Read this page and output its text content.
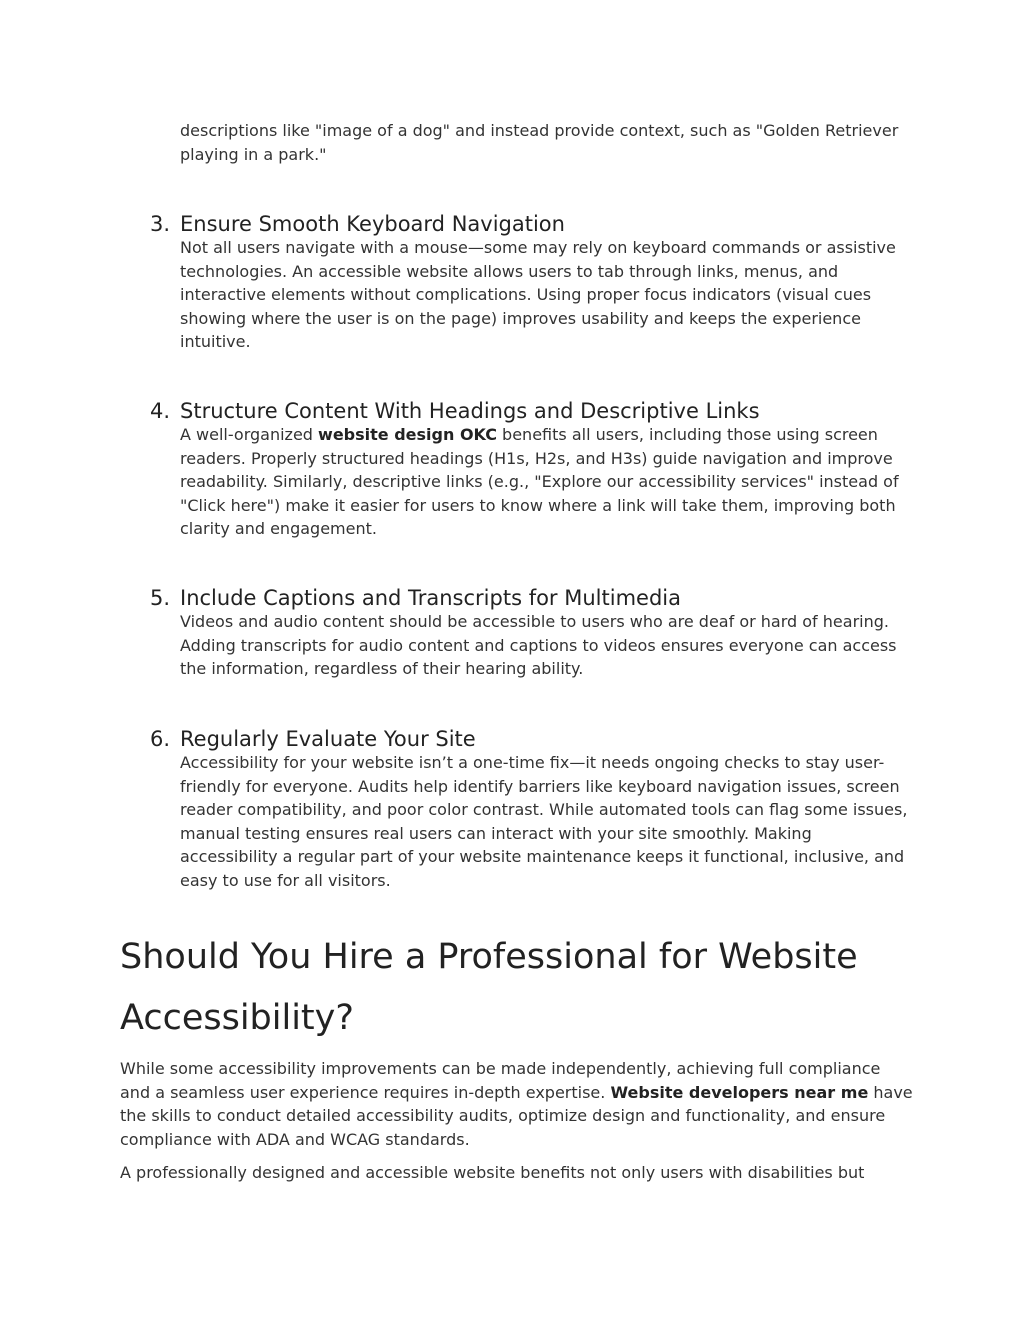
descriptions like "image of a dog" and instead provide context, such as "Golden Retriever playing in a park."

3. Ensure Smooth Keyboard Navigation

Not all users navigate with a mouse—some may rely on keyboard commands or assistive technologies. An accessible website allows users to tab through links, menus, and interactive elements without complications. Using proper focus indicators (visual cues showing where the user is on the page) improves usability and keeps the experience intuitive.

4. Structure Content With Headings and Descriptive Links

A well-organized website design OKC benefits all users, including those using screen readers. Properly structured headings (H1s, H2s, and H3s) guide navigation and improve readability. Similarly, descriptive links (e.g., "Explore our accessibility services" instead of "Click here") make it easier for users to know where a link will take them, improving both clarity and engagement.

5. Include Captions and Transcripts for Multimedia

Videos and audio content should be accessible to users who are deaf or hard of hearing. Adding transcripts for audio content and captions to videos ensures everyone can access the information, regardless of their hearing ability.

6. Regularly Evaluate Your Site

Accessibility for your website isn’t a one-time fix—it needs ongoing checks to stay user-friendly for everyone. Audits help identify barriers like keyboard navigation issues, screen reader compatibility, and poor color contrast. While automated tools can flag some issues, manual testing ensures real users can interact with your site smoothly. Making accessibility a regular part of your website maintenance keeps it functional, inclusive, and easy to use for all visitors.

Should You Hire a Professional for Website Accessibility?

While some accessibility improvements can be made independently, achieving full compliance and a seamless user experience requires in-depth expertise. Website developers near me have the skills to conduct detailed accessibility audits, optimize design and functionality, and ensure compliance with ADA and WCAG standards.

A professionally designed and accessible website benefits not only users with disabilities but
